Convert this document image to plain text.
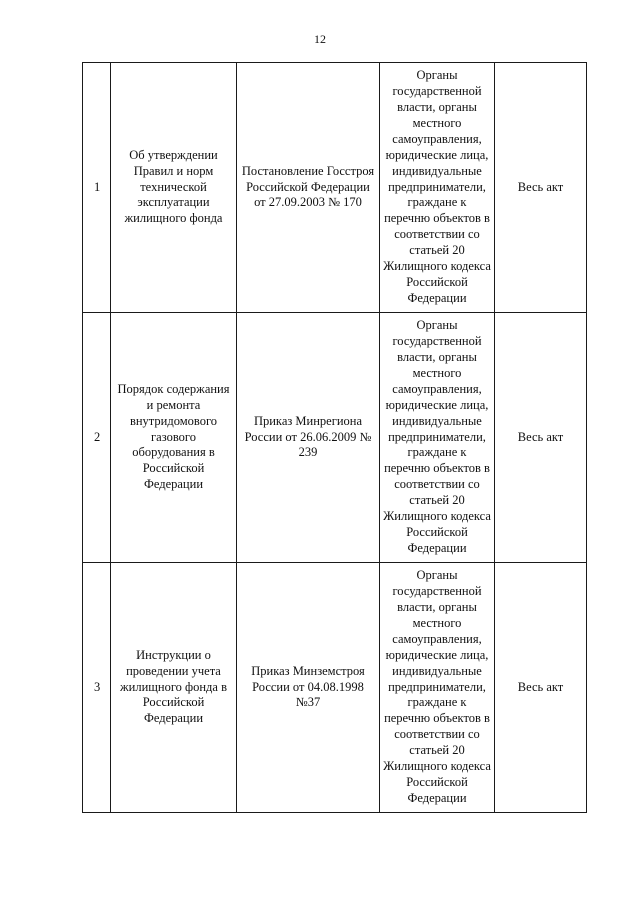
12
1	Об утверждении Правил и норм технической эксплуатации жилищного фонда	Постановление Госстроя Российской Федерации от 27.09.2003 № 170	Органы государственной власти, органы местного самоуправления, юридические лица, индивидуальные предприниматели, граждане к перечню объектов в соответствии со статьей 20 Жилищного кодекса Российской Федерации	Весь акт
2	Порядок содержания и ремонта внутридомового газового оборудования в Российской Федерации	Приказ Минрегиона России от 26.06.2009 № 239	Органы государственной власти, органы местного самоуправления, юридические лица, индивидуальные предприниматели, граждане к перечню объектов в соответствии со статьей 20 Жилищного кодекса Российской Федерации	Весь акт
3	Инструкции о проведении учета жилищного фонда в Российской Федерации	Приказ Минземстроя России от 04.08.1998 №37	Органы государственной власти, органы местного самоуправления, юридические лица, индивидуальные предприниматели, граждане к перечню объектов в соответствии со статьей 20 Жилищного кодекса Российской Федерации	Весь акт
